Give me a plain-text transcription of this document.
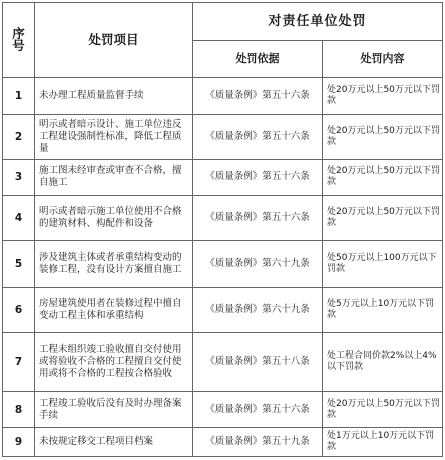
序号	处罚项目	对责任单位处罚	
		处罚依据	处罚内容
1	未办理工程质量监督手续	《质量条例》第五十六条	处20万元以上50万元以下罚款
2	明示或者暗示设计、施工单位违反工程建设强制性标准，降低工程质量	《质量条例》第五十六条	处20万元以上50万元以下罚款
3	施工图未经审查或审查不合格，擅自施工	《质量条例》第五十六条	处20万元以上50万元以下罚款
4	明示或者暗示施工单位使用不合格的建筑材料、构配件和设备	《质量条例》第五十六条	处20万元以上50万元以下罚款
5	涉及建筑主体或者承重结构变动的装修工程，没有设计方案擅自施工	《质量条例》第六十九条	处50万元以上100万元以下罚款
6	房屋建筑使用者在装修过程中擅自变动工程主体和承重结构	《质量条例》第六十九条	处5万元以上10万元以下罚款
7	工程未组织竣工验收擅自交付使用或将验收不合格的工程擅自交付使用或将不合格的工程按合格验收	《质量条例》第五十八条	处工程合同价款2%以上4%以下罚款
8	工程竣工验收后没有及时办理备案手续	《质量条例》第五十六条	处20万元以上50万元以下罚款
9	未按规定移交工程项目档案	《质量条例》第五十九条	处1万元以上10万元以下罚款
